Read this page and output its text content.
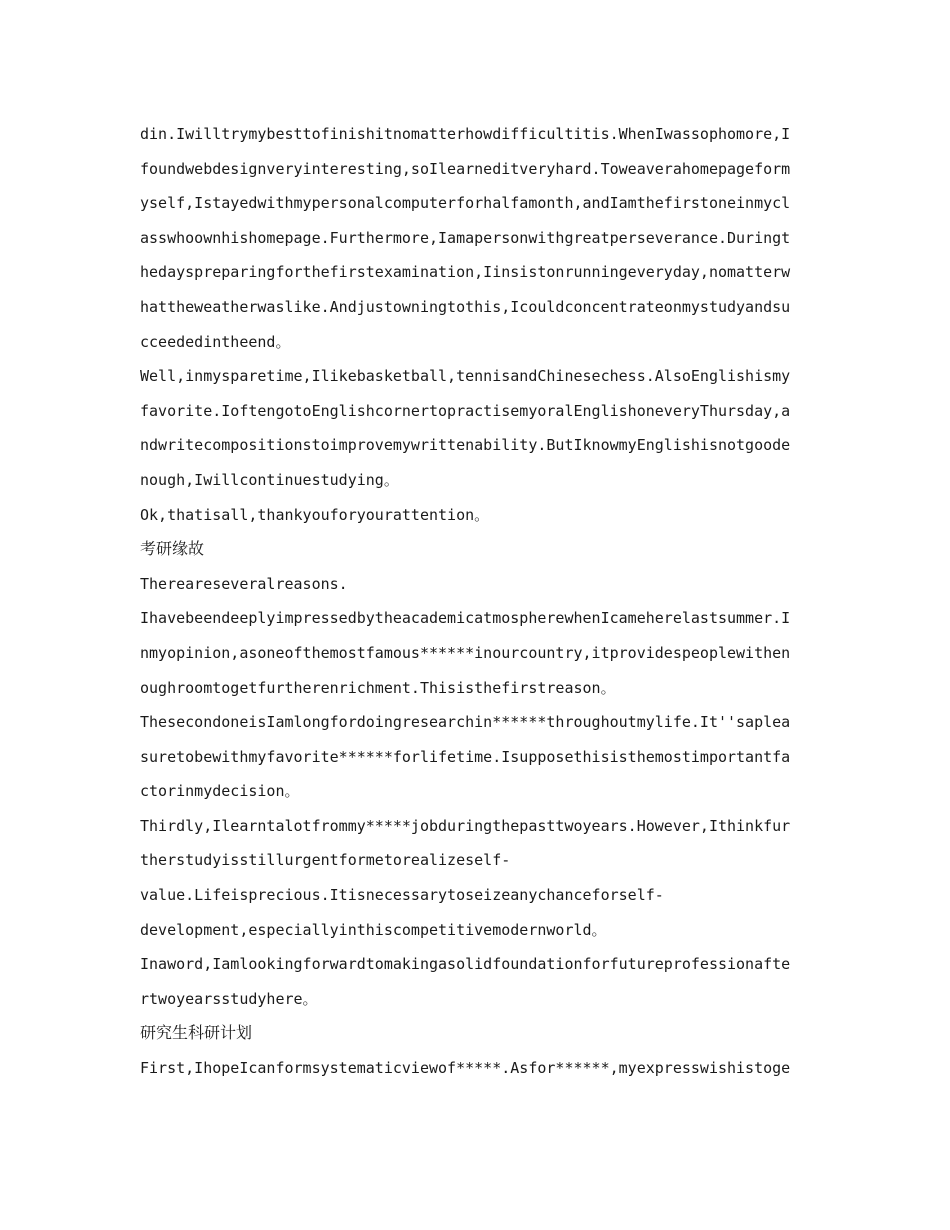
din.Iwilltrymybesttofinishitnomatterhowdifficultitis.WhenIwassophomore,I
foundwebdesignveryinteresting,soIlearneditveryhard.Toweaverahomepageform
yself,Istayedwithmypersonalcomputerforhalfamonth,andIamthefirstoneinmycl
asswhoownhishomepage.Furthermore,Iamapersonwithgreatperseverance.Duringt
hedayspreparingforthefirstexamination,Iinsistonrunningeveryday,nomatterw
hattheweatherwaslike.Andjustowningtothis,Icouldconcentrateonmystudyandsu
cceededintheend。
Well,inmysparetime,Ilikebasketball,tennisandChinesechess.AlsoEnglishismy
favorite.IoftengotoEnglishcornertopractisemyoralEnglishoneveryThursday,a
ndwritecompositionstoimprovemywrittenability.ButIknowmyEnglishisnotgoode
nough,Iwillcontinuestudying。
Ok,thatisall,thankyouforyourattention。
考研缘故
Thereareseveralreasons.
IhavebeendeeplyimpressedbytheacademicatmospherewhenIcameherelastsummer.I
nmyopinion,asoneofthemostfamous******inourcountry,itprovidespeoplewithen
oughroomtogetfurtherenrichment.Thisisthefirstreason。
ThesecondoneisIamlongfordoingresearchin******throughoutmylife.It''saplea
suretobewithmyfavorite******forlifetime.Isupposethisisthemostimportantfa
ctorinmydecision。
Thirdly,Ilearntalotfrommy*****jobduringthepasttwoyears.However,Ithinkfur
therstudyisstillurgentformetorealizeself-
value.Lifeisprecious.Itisnecessarytoseizeanychanceforself-
development,especiallyinthiscompetitivemodernworld。
Inaword,Iamlookingforwardtomakingasolidfoundationforfutureprofessionafte
rtwoyearsstudyhere。
研究生科研计划
First,IhopeIcanformsystematicviewof*****.Asfor******,myexpresswishistoge
